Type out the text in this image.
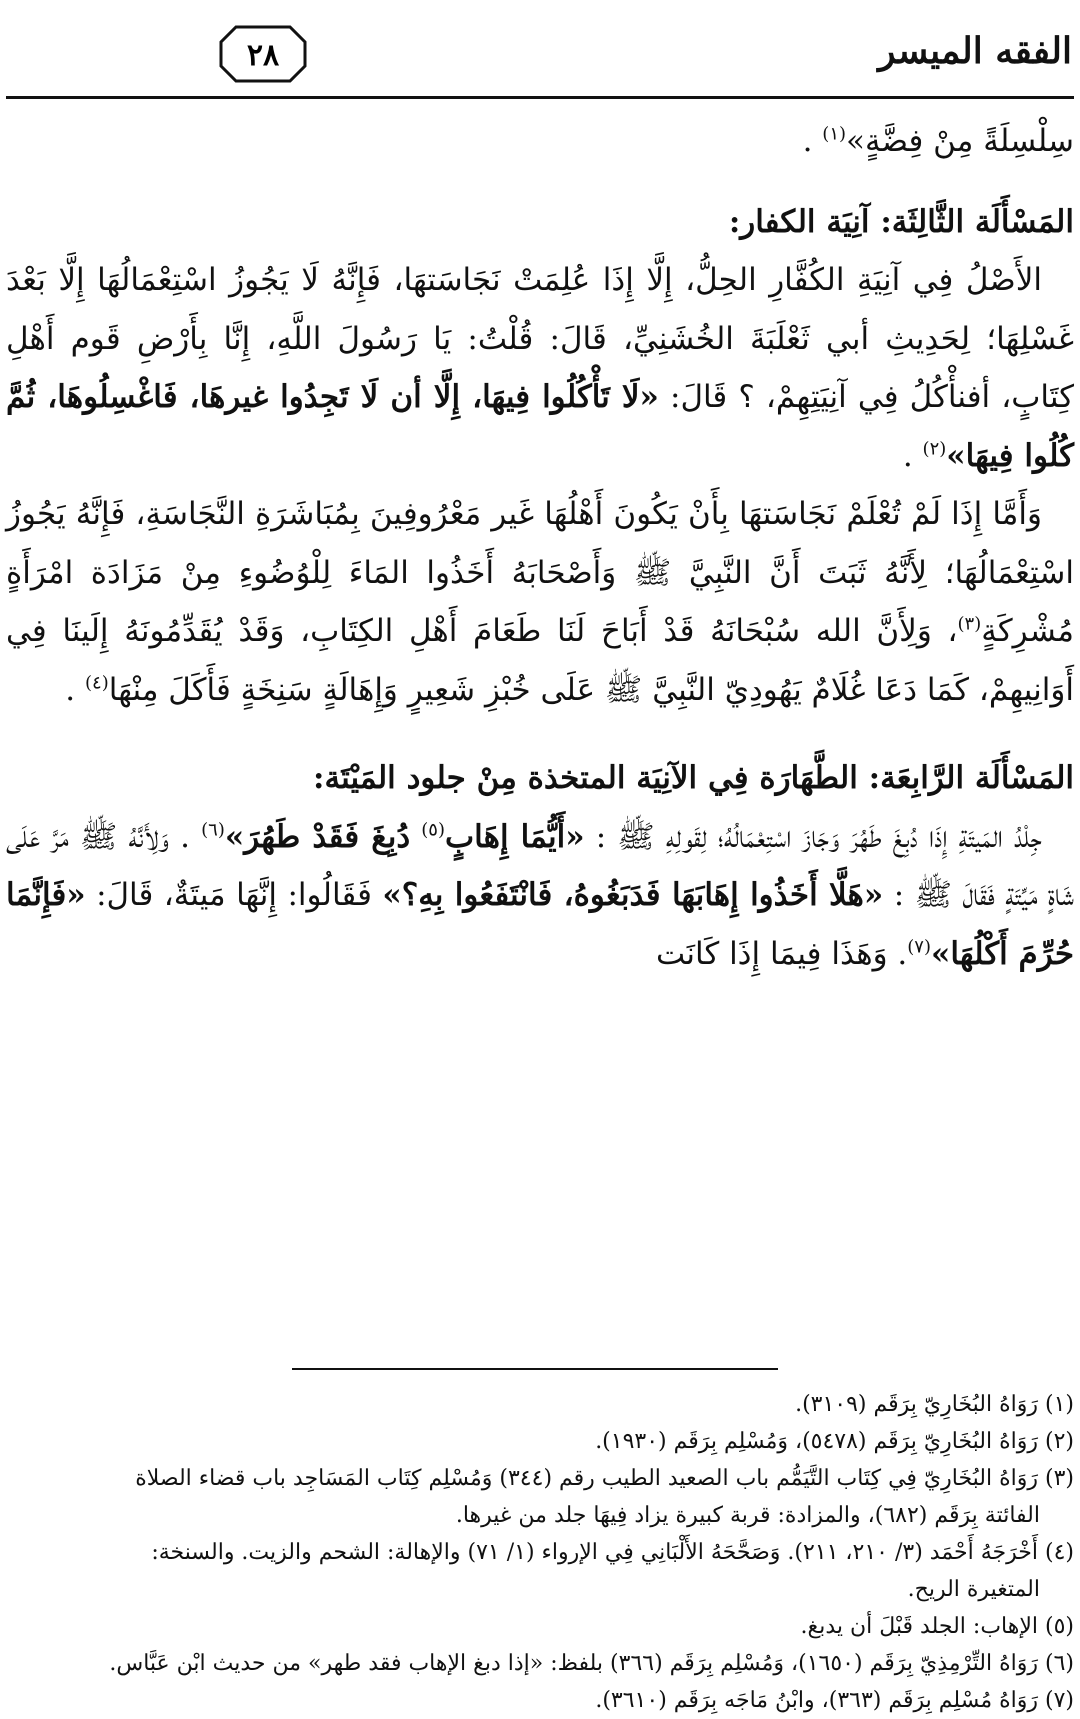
الفقه الميسر
٢٨

سِلْسِلَةً مِنْ فِضَّةٍ»$^{(١)}$ .

المَسْأَلَة الثَّالِثَة: آنِيَة الكفار:

الأَصْلُ فِي آنِيَةِ الكُفَّارِ الحِلُّ، إِلَّا إِذَا عُلِمَتْ نَجَاسَتهَا، فَإِنَّهُ لَا يَجُوزُ اسْتِعْمَالُهَا إِلَّا بَعْدَ غَسْلِهَا؛ لِحَدِيثِ أبي ثَعْلَبَةَ الخُشَنِيِّ، قَالَ: قُلْتُ: يَا رَسُولَ اللَّهِ، إِنَّا بِأَرْضِ قَوم أَهْلِ كِتَابٍ، أفنأْكُلُ فِي آنِيَتِهِمْ، ؟ قَالَ: «لَا تَأْكُلُوا فِيهَا، إِلَّا أن لَا تَجِدُوا غيرهَا، فَاغْسِلُوهَا، ثُمَّ كُلُوا فِيهَا»$^{(٢)}$ .

وَأَمَّا إِذَا لَمْ تُعْلَمْ نَجَاسَتهَا بِأَنْ يَكُونَ أَهْلُهَا غَير مَعْرُوفِينَ بِمُبَاشَرَةِ النَّجَاسَةِ، فَإِنَّهُ يَجُوزُ اسْتِعْمَالُهَا؛ لِأَنَّهُ ثَبَتَ أَنَّ النَّبِيَّ ﷺ وَأَصْحَابَهُ أَخَذُوا المَاءَ لِلْوُضُوءِ مِنْ مَزَادَة امْرَأَةٍ مُشْرِكَةٍ$^{(٣)}$، وَلِأَنَّ الله سُبْحَانَهُ قَدْ أَبَاحَ لَنَا طَعَامَ أَهْلِ الكِتَابِ، وَقَدْ يُقَدِّمُونَهُ إِلَينَا فِي أَوَانِيهِمْ، كَمَا دَعَا غُلَامٌ يَهُودِيّ النَّبِيَّ ﷺ عَلَى خُبْزِ شَعِيرٍ وَإِهَالَةٍ سَنِخَةٍ فَأَكَلَ مِنْهَا$^{(٤)}$ .

المَسْأَلَة الرَّابِعَة: الطَّهَارَة فِي الآنِيَة المتخذة مِنْ جلود المَيْتَة:

جِلْدُ المَيتَةِ إِذَا دُبِغَ طَهُرَ وَجَازَ اسْتِعْمَالُهُ؛ لِقَولِهِ ﷺ : «أَيُّمَا إِهَابٍ$^{(٥)}$ دُبِغَ فَقَدْ طَهُرَ»$^{(٦)}$ . وَلِأَنَّهُ ﷺ مَرَّ عَلَى شَاةٍ مَيِّتَةٍ فَقَالَ ﷺ : «هَلَّا أَخَذُوا إِهَابَهَا فَدَبَغُوهُ، فَانْتَفَعُوا بِهِ؟» فَقَالُوا: إِنَّهَا مَيتَةٌ، قَالَ: «فَإِنَّمَا حُرِّمَ أَكْلُهَا»$^{(٧)}$. وَهَذَا فِيمَا إِذَا كَانَت

(١) رَوَاهُ البُخَارِيّ بِرَقَم (٣١٠٩).

(٢) رَوَاهُ البُخَارِيّ بِرَقَم (٥٤٧٨)، وَمُسْلِم بِرَقَم (١٩٣٠).

(٣) رَوَاهُ البُخَارِيّ فِي كِتَاب التَّيَمُّم باب الصعيد الطيب رقم (٣٤٤) وَمُسْلِم كِتَاب المَسَاجِد باب قضاء الصلاة

الفائتة بِرَقَم (٦٨٢)، والمزادة: قربة كبيرة يزاد فِيهَا جلد من غيرها.

(٤) أَخْرَجَهُ أَحْمَد (٣/ ٢١٠، ٢١١). وَصَحَّحَهُ الأَلْبَانِي فِي الإرواء (١/ ٧١) والإهالة: الشحم والزيت. والسنخة:

المتغيرة الريح.

(٥) الإهاب: الجلد قَبْلَ أن يدبغ.

(٦) رَوَاهُ التِّرْمِذِيّ بِرَقَم (١٦٥٠)، وَمُسْلِم بِرَقَم (٣٦٦) بلفظ: «إذا دبغ الإهاب فقد طهر» من حديث ابْن عَبَّاس.

(٧) رَوَاهُ مُسْلِم بِرَقَم (٣٦٣)، وابْنُ مَاجَه بِرَقَم (٣٦١٠).
